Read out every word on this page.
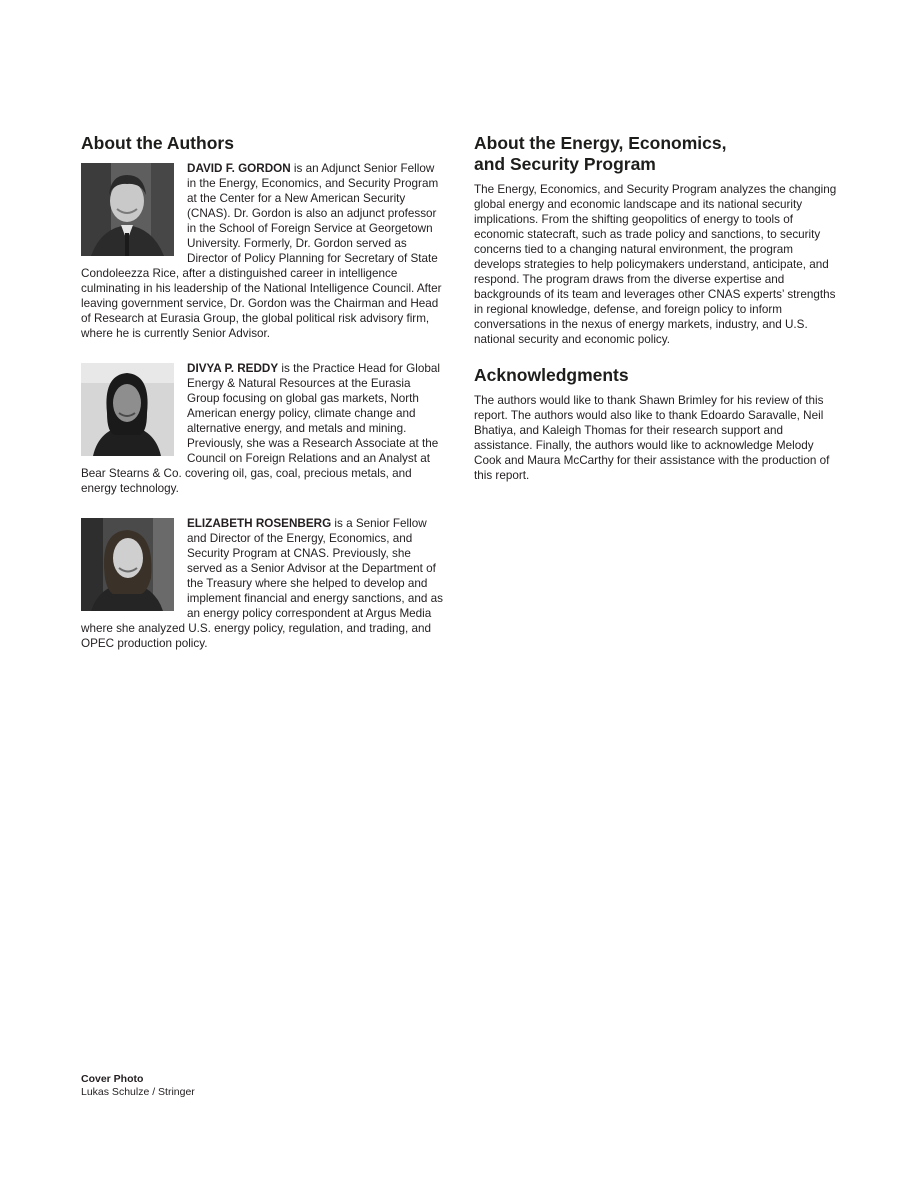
About the Authors

DAVID F. GORDON is an Adjunct Senior Fellow in the Energy, Economics, and Security Program at the Center for a New American Security (CNAS). Dr. Gordon is also an adjunct professor in the School of Foreign Service at Georgetown University. Formerly, Dr. Gordon served as Director of Policy Planning for Secretary of State Condoleezza Rice, after a distinguished career in intelligence culminating in his leadership of the National Intelligence Council. After leaving government service, Dr. Gordon was the Chairman and Head of Research at Eurasia Group, the global political risk advisory firm, where he is currently Senior Advisor.

DIVYA P. REDDY is the Practice Head for Global Energy & Natural Resources at the Eurasia Group focusing on global gas markets, North American energy policy, climate change and alternative energy, and metals and mining. Previously, she was a Research Associate at the Council on Foreign Relations and an Analyst at Bear Stearns & Co. covering oil, gas, coal, precious metals, and energy technology.

ELIZABETH ROSENBERG is a Senior Fellow and Director of the Energy, Economics, and Security Program at CNAS. Previously, she served as a Senior Advisor at the Department of the Treasury where she helped to develop and implement financial and energy sanctions, and as an energy policy correspondent at Argus Media where she analyzed U.S. energy policy, regulation, and trading, and OPEC production policy.

About the Energy, Economics,
and Security Program

The Energy, Economics, and Security Program analyzes the changing global energy and economic landscape and its national security implications. From the shifting geopolitics of energy to tools of economic statecraft, such as trade policy and sanctions, to security concerns tied to a changing natural environment, the program develops strategies to help policymakers understand, anticipate, and respond. The program draws from the diverse expertise and backgrounds of its team and leverages other CNAS experts’ strengths in regional knowledge, defense, and foreign policy to inform conversations in the nexus of energy markets, industry, and U.S. national security and economic policy.

Acknowledgments

The authors would like to thank Shawn Brimley for his review of this report. The authors would also like to thank Edoardo Saravalle, Neil Bhatiya, and Kaleigh Thomas for their research support and assistance. Finally, the authors would like to acknowledge Melody Cook and Maura McCarthy for their assistance with the production of this report.

Cover Photo
Lukas Schulze / Stringer
